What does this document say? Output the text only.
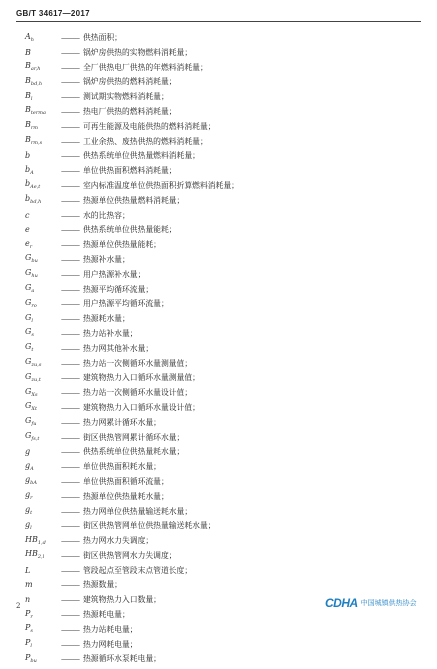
GB/T 34617—2017
$A_h$	——— 供热面积；
B	——— 锅炉房供热的实物燃料消耗量；
$B_{ar,h}$	——— 全厂供热电厂供热的年燃料消耗量；
$B_{bd,h}$	——— 锅炉房供热的燃料消耗量；
$B_l$	——— 测试期实物燃料消耗量；
$B_{terma}$	——— 热电厂供热的燃料消耗量；
$B_{rm}$	——— 可再生能源及电能供热的燃料消耗量；
$B_{rm,s}$	——— 工业余热、废热供热的燃料消耗量；
b	——— 供热系统单位供热量燃料消耗量；
$b_A$	——— 单位供热面积燃料消耗量；
$b_{Ae,t}$	——— 室内标准温度单位供热面积折算燃料消耗量；
$b_{bd,h}$	——— 热源单位供热量燃料消耗量；
c	——— 水的比热容；
e	——— 供热系统单位供热量能耗；
$e_r$	——— 热源单位供热量能耗；
$G_{bu}$	——— 热源补水量；
$G_{hu}$	——— 用户热源补水量；
$G_a$	——— 热源平均循环流量；
$G_{ro}$	——— 用户热源平均循环流量；
$G_l$	——— 热源耗水量；
$G_s$	——— 热力站补水量；
$G_t$	——— 热力网其他补水量；
$G_{zu,s}$	——— 热力站一次侧循环水量测量值；
$G_{zu,t}$	——— 建筑物热力入口循环水量测量值；
$G_{Xs}$	——— 热力站一次侧循环水量设计值；
$G_{Xt}$	——— 建筑物热力入口循环水量设计值；
$G_{fu}$	——— 热力网累计循环水量；
$G_{fs,t}$	——— 街区供热管网累计循环水量；
g	——— 供热系统单位供热量耗水量；
$g_A$	——— 单位供热面积耗水量；
$g_{bA}$	——— 单位供热面积循环流量；
$g_r$	——— 热源单位供热量耗水量；
$g_t$	——— 热力网单位供热量输送耗水量；
$g_l$	——— 街区供热管网单位供热量输送耗水量；
$HB_{1,d}$	——— 热力网水力失调度；
$HB_{2,l}$	——— 街区供热管网水力失调度；
L	——— 管段起点至管段末点管道长度；
m	——— 热源数量；
n	——— 建筑物热力入口数量；
$P_r$	——— 热源耗电量；
$P_s$	——— 热力站耗电量；
$P_l$	——— 热力网耗电量；
$P_{bu}$	——— 热源循环水泵耗电量；
2	CDHA 中国城镇供热协会
